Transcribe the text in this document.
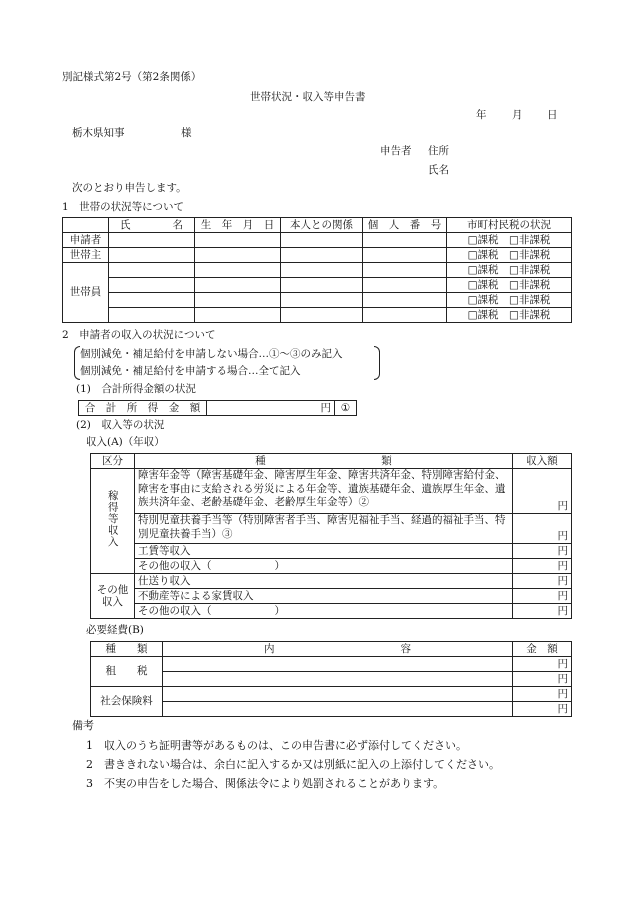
別記様式第2号（第2条関係）
世帯状況・収入等申告書
年 月 日
栃木県知事	様
申告者 住所
氏名
次のとおり申告します。
1　世帯の状況等について
	氏　　　　名	生　年　月　日	本人との関係	個　人　番　号	市町村民税の状況
申請者					□課税　□非課税
世帯主					□課税　□非課税
世帯員					□課税　□非課税
					□課税　□非課税
					□課税　□非課税
					□課税　□非課税
2　申請者の収入の状況について
個別減免・補足給付を申請しない場合…①～③のみ記入
個別減免・補足給付を申請する場合…全て記入
(1)　合計所得金額の状況
合　計　所　得　金　額	円	①
(2)　収入等の状況
収入(A)（年収）
区分	種　　　　　　　　　　　類	収入額
稼得等収入	障害年金等（障害基礎年金、障害厚生年金、障害共済年金、特別障害給付金、障害を事由に支給される労災による年金等、遺族基礎年金、遺族厚生年金、遺族共済年金、老齢基礎年金、老齢厚生年金等）②	円
	特別児童扶養手当等（特別障害者手当、障害児福祉手当、経過的福祉手当、特別児童扶養手当）③	円
	工賃等収入	円
	その他の収入（　　　　　　）	円
その他収入	仕送り収入	円
	不動産等による家賃収入	円
	その他の収入（　　　　　　）	円
必要経費(B)
種　　類	内　　　　　　　　　　　　容	金　額
租　　税		円
		円
社会保険料		円
		円
備考
1　収入のうち証明書等があるものは、この申告書に必ず添付してください。
2　書ききれない場合は、余白に記入するか又は別紙に記入の上添付してください。
3　不実の申告をした場合、関係法令により処罰されることがあります。
